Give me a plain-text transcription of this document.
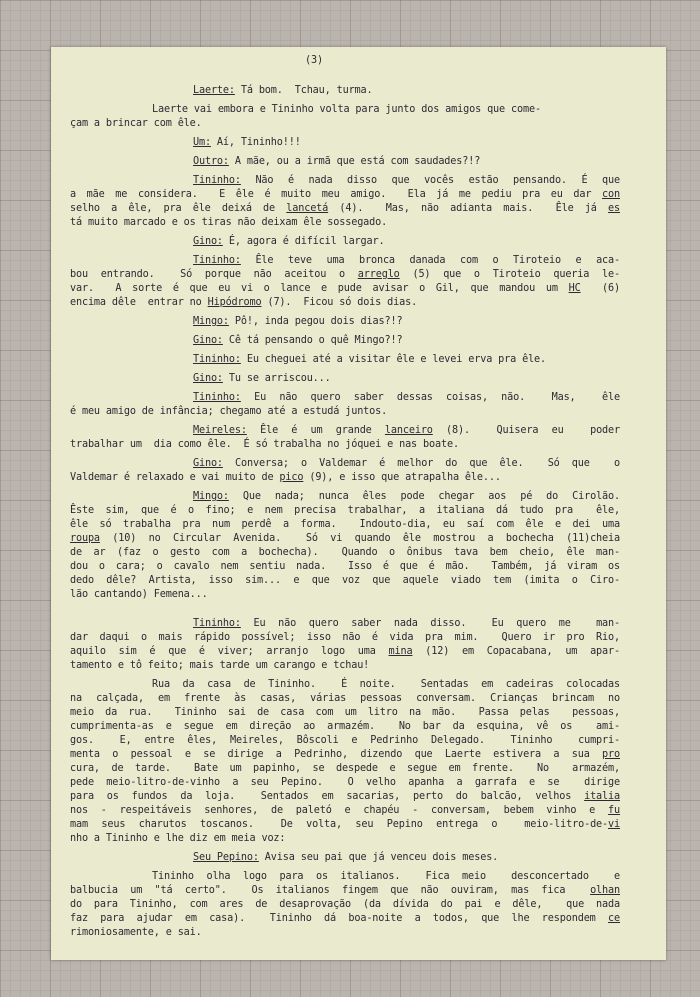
(3)
Laerte: Tá bom.  Tchau, turma.
Laerte vai embora e Tininho volta para junto dos amigos que come-
çam a brincar com êle.
Um: Aí, Tininho!!!
Outro: A mãe, ou a irmã que está com saudades?!?
Tininho: Não é nada disso que vocês estão pensando. É que
a mãe me considera.  E êle é muito meu amigo.  Ela já me pediu pra eu dar con
selho a êle, pra êle deixá de lancetá (4).  Mas, não adianta mais.  Êle já es
tá muito marcado e os tiras não deixam êle sossegado.
Gino: É, agora é difícil largar.
Tininho: Êle teve uma bronca danada com o Tiroteio e aca-
bou entrando.  Só porque não aceitou o arreglo (5) que o Tiroteio queria le-
var.  A sorte é que eu vi o lance e pude avisar o Gil, que mandou um HC  (6)
encima dêle  entrar no Hipódromo (7).  Ficou só dois dias.
Mingo: Pô!, inda pegou dois dias?!?
Gino: Cê tá pensando o quê Mingo?!?
Tininho: Eu cheguei até a visitar êle e levei erva pra êle.
Gino: Tu se arriscou...
Tininho: Eu não quero saber dessas coisas, não.  Mas,  êle
é meu amigo de infância; chegamo até a estudá juntos.
Meireles: Êle é um grande lanceiro (8).  Quisera eu  poder
trabalhar um  dia como êle.  É só trabalha no jóquei e nas boate.
Gino: Conversa; o Valdemar é melhor do que êle.  Só que  o
Valdemar é relaxado e vai muito de pico (9), e isso que atrapalha êle...
Mingo: Que nada; nunca êles pode chegar aos pé do Cirolão.
Êste sim, que é o fino; e nem precisa trabalhar, a italiana dá tudo pra  êle,
êle só trabalha pra num perdê a forma.  Indouto-dia, eu saí com êle e dei uma
roupa (10) no Circular Avenida.  Só vi quando êle mostrou a bochecha (11)cheia
de ar (faz o gesto com a bochecha).  Quando o ônibus tava bem cheio, êle man-
dou o cara; o cavalo nem sentiu nada.  Isso é que é mão.  Também, já viram os
dedo dêle? Artista, isso sim... e que voz que aquele viado tem (imita o Ciro-
lão cantando) Femena...
Tininho: Eu não quero saber nada disso.  Eu quero me  man-
dar daqui o mais rápido possível; isso não é vida pra mim.  Quero ir pro Rio,
aquilo sim é que é viver; arranjo logo uma mina (12) em Copacabana, um apar-
tamento e tô feito; mais tarde um carango e tchau!
Rua da casa de Tininho.  É noite.  Sentadas em cadeiras colocadas
na calçada, em frente às casas, várias pessoas conversam. Crianças brincam no
meio da rua.  Tininho sai de casa com um litro na mão.  Passa pelas  pessoas,
cumprimenta-as e segue em direção ao armazém.  No bar da esquina, vê os  ami-
gos.  E, entre êles, Meireles, Bôscoli e Pedrinho Delegado.  Tininho  cumpri-
menta o pessoal e se dirige a Pedrinho, dizendo que Laerte estivera a sua pro
cura, de tarde.  Bate um papinho, se despede e segue em frente.  No  armazém,
pede meio-litro-de-vinho a seu Pepino.  O velho apanha a garrafa e se  dirige
para os fundos da loja.  Sentados em sacarias, perto do balcão, velhos italia
nos - respeitáveis senhores, de paletó e chapéu - conversam, bebem vinho e fu
mam seus charutos toscanos.  De volta, seu Pepino entrega o  meio-litro-de-vi
nho a Tininho e lhe diz em meia voz:
Seu Pepino: Avisa seu pai que já venceu dois meses.
Tininho olha logo para os italianos.  Fica meio  desconcertado  e
balbucia um "tá certo".  Os italianos fingem que não ouviram, mas fica  olhan
do para Tininho, com ares de desaprovação (da dívida do pai e dêle,  que nada
faz para ajudar em casa).  Tininho dá boa-noite a todos, que lhe respondem ce
rimoniosamente, e sai.
